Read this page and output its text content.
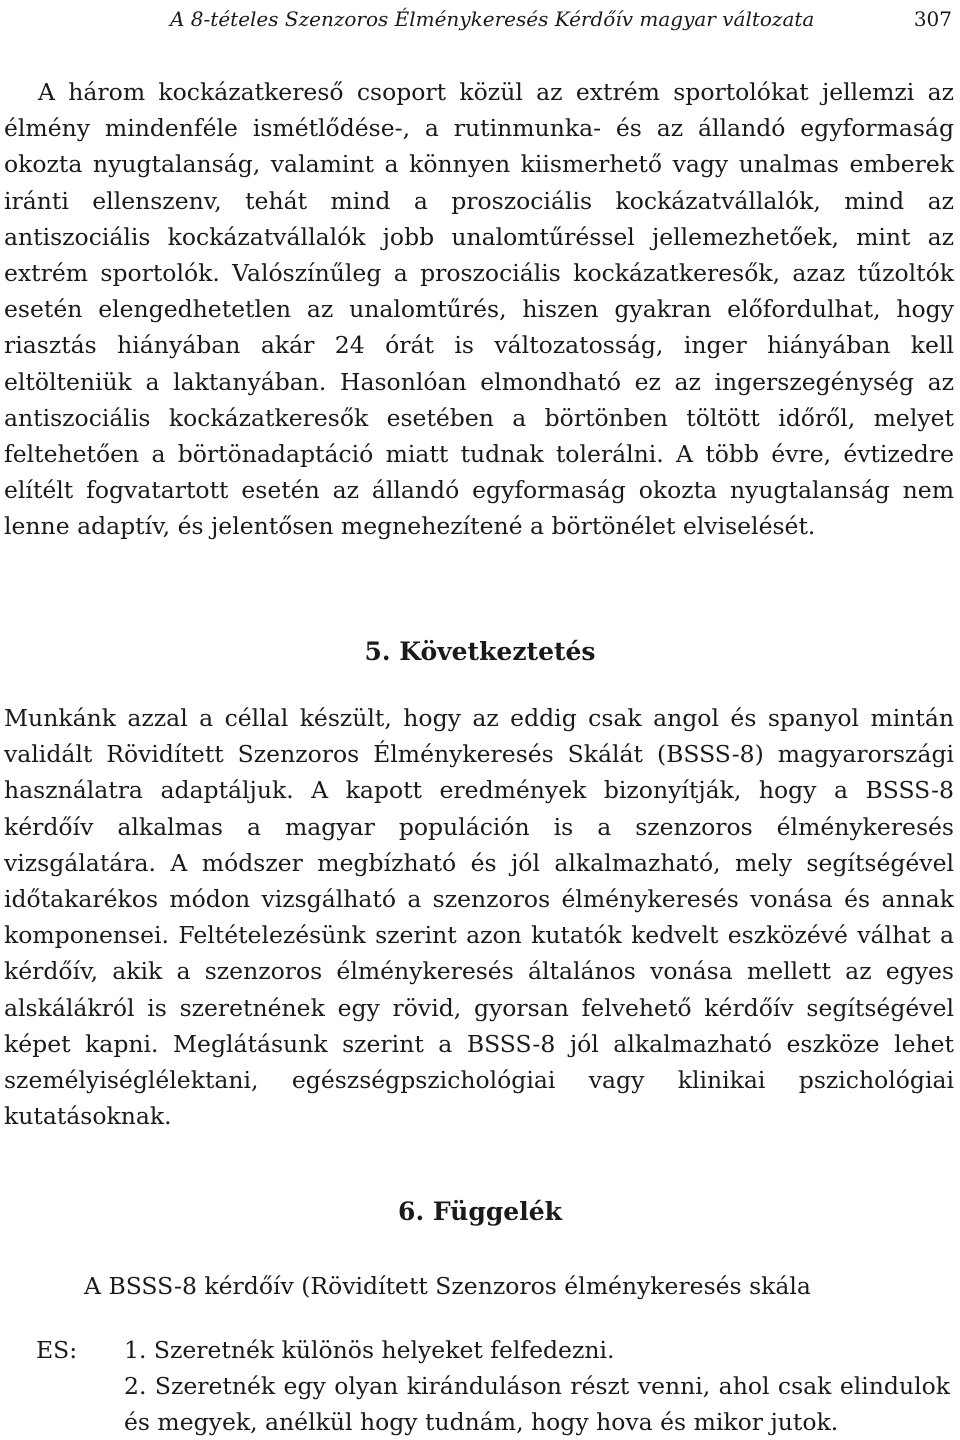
A 8-tételes Szenzoros Élménykeresés Kérdőív magyar változata	307

A három kockázatkereső csoport közül az extrém sportolókat jellemzi az élmény mindenféle ismétlődése-, a rutinmunka- és az állandó egyformaság okozta nyugtalanság, valamint a könnyen kiismerhető vagy unalmas emberek iránti ellenszenv, tehát mind a proszociális kockázatvállalók, mind az antiszociális kockázatvállalók jobb unalomtűréssel jellemezhetőek, mint az extrém sportolók. Valószínűleg a proszociális kockázatkeresők, azaz tűzoltók esetén elengedhetetlen az unalomtűrés, hiszen gyakran előfordulhat, hogy riasztás hiányában akár 24 órát is változatosság, inger hiányában kell eltölteniük a laktanyában. Hasonlóan elmondható ez az ingerszegénység az antiszociális kockázatkeresők esetében a börtönben töltött időről, melyet feltehetően a börtönadaptáció miatt tudnak tolerálni. A több évre, évtizedre elítélt fogvatartott esetén az állandó egyformaság okozta nyugtalanság nem lenne adaptív, és jelentősen megnehezítené a börtönélet elviselését.

5. Következtetés

Munkánk azzal a céllal készült, hogy az eddig csak angol és spanyol mintán validált Rövidített Szenzoros Élménykeresés Skálát (BSSS-8) magyarországi használatra adaptáljuk. A kapott eredmények bizonyítják, hogy a BSSS-8 kérdőív alkalmas a magyar populáción is a szenzoros élménykeresés vizsgálatára. A módszer megbízható és jól alkalmazható, mely segítségével időtakarékos módon vizsgálható a szenzoros élménykeresés vonása és annak komponensei. Feltételezésünk szerint azon kutatók kedvelt eszközévé válhat a kérdőív, akik a szenzoros élménykeresés általános vonása mellett az egyes alskálákról is szeretnének egy rövid, gyorsan felvehető kérdőív segítségével képet kapni. Meglátásunk szerint a BSSS-8 jól alkalmazható eszköze lehet személyiséglélektani, egészségpszichológiai vagy klinikai pszichológiai kutatásoknak.

6. Függelék

A BSSS-8 kérdőív (Rövidített Szenzoros élménykeresés skála

ES: 1. Szeretnék különös helyeket felfedezni.
2. Szeretnék egy olyan kiránduláson részt venni, ahol csak elindulok és megyek, anélkül hogy tudnám, hogy hova és mikor jutok.
